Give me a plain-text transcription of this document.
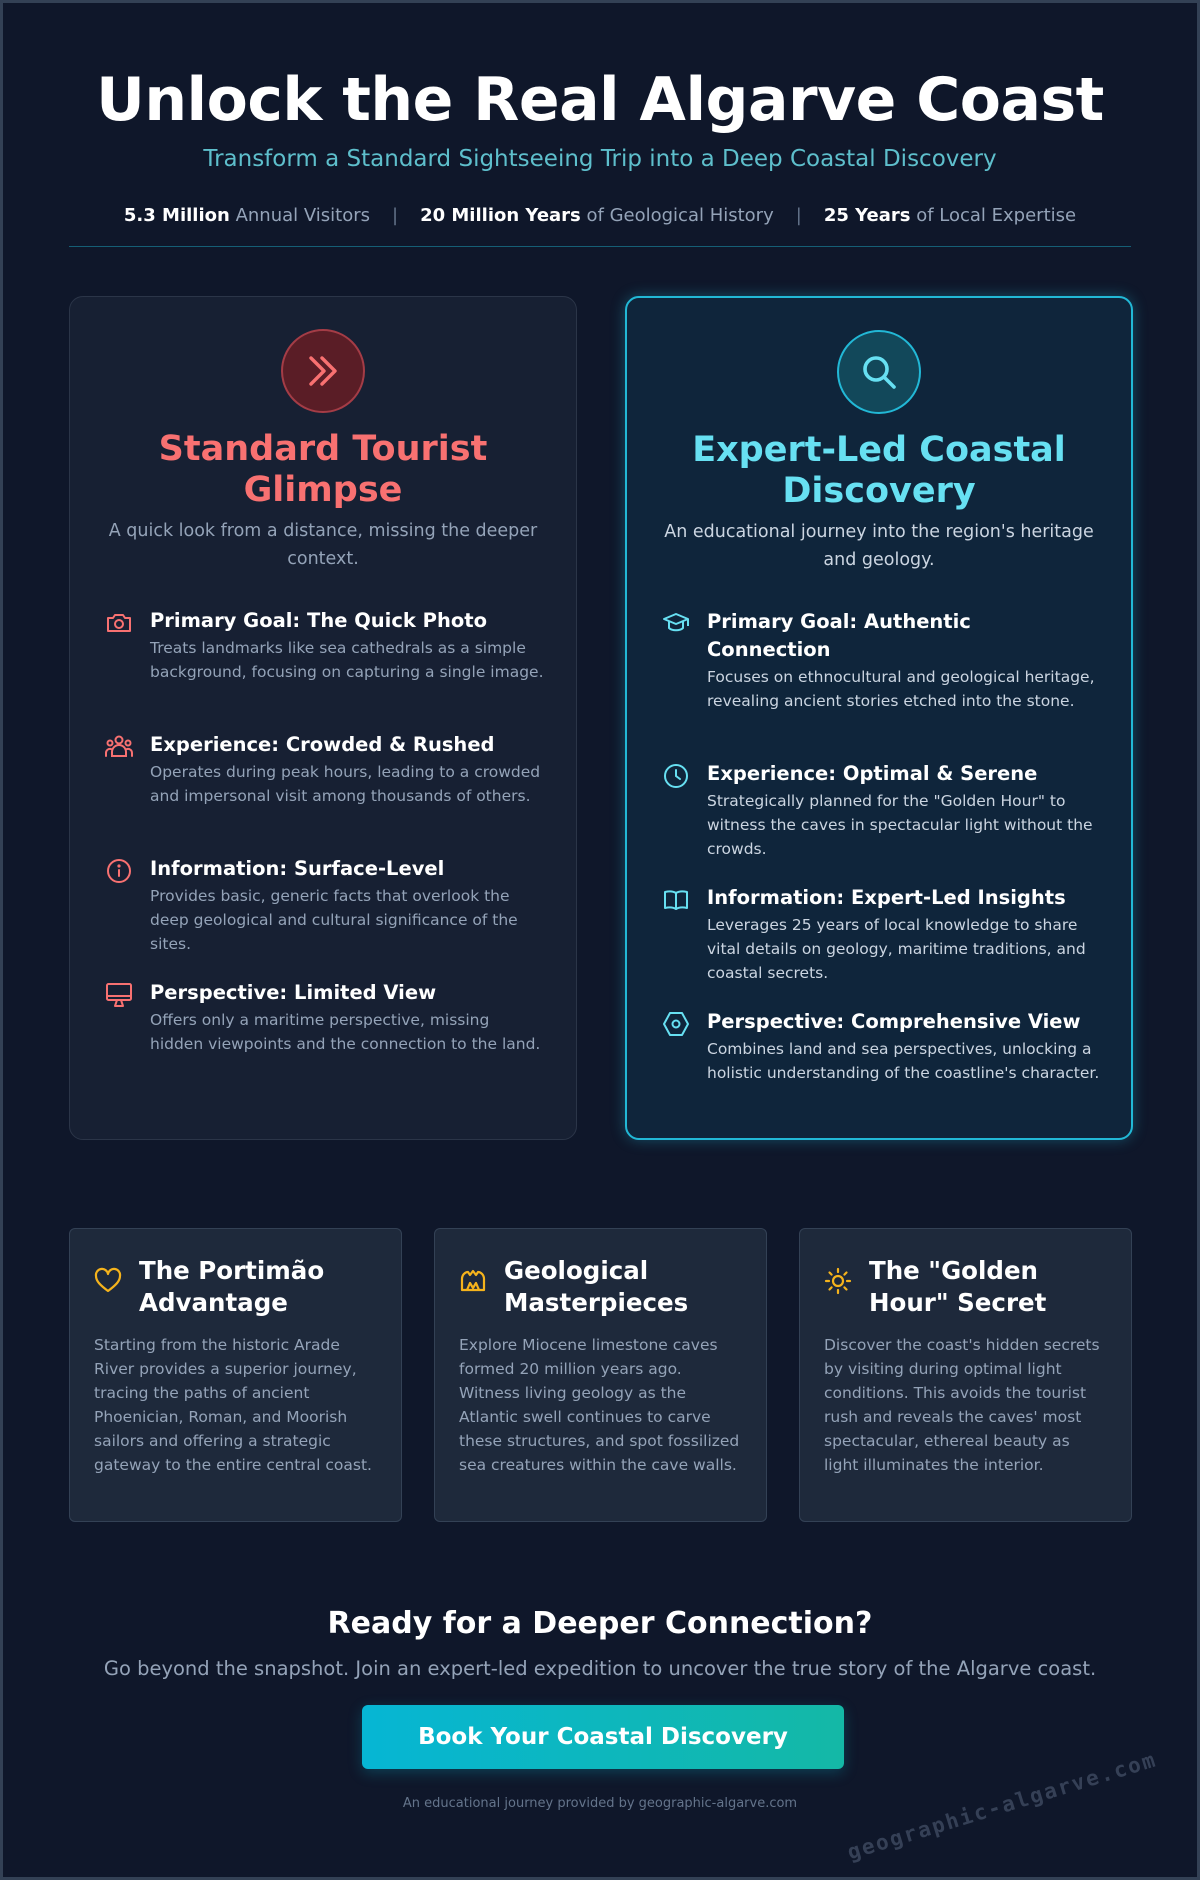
Unlock the Real Algarve Coast
Transform a Standard Sightseeing Trip into a Deep Coastal Discovery
5.3 Million Annual Visitors | 20 Million Years of Geological History | 25 Years of Local Expertise
Standard Tourist Glimpse
A quick look from a distance, missing the deeper context.
Primary Goal: The Quick Photo

Treats landmarks like sea cathedrals as a simple background, focusing on capturing a single image.

Experience: Crowded & Rushed

Operates during peak hours, leading to a crowded and impersonal visit among thousands of others.

Information: Surface-Level

Provides basic, generic facts that overlook the deep geological and cultural significance of the sites.

Perspective: Limited View

Offers only a maritime perspective, missing hidden viewpoints and the connection to the land.

Expert-Led Coastal Discovery
An educational journey into the region's heritage and geology.
Primary Goal: Authentic Connection

Focuses on ethnocultural and geological heritage, revealing ancient stories etched into the stone.

Experience: Optimal & Serene

Strategically planned for the "Golden Hour" to witness the caves in spectacular light without the crowds.

Information: Expert-Led Insights

Leverages 25 years of local knowledge to share vital details on geology, maritime traditions, and coastal secrets.

Perspective: Comprehensive View

Combines land and sea perspectives, unlocking a holistic understanding of the coastline's character.

The Portimão Advantage

Starting from the historic Arade River provides a superior journey, tracing the paths of ancient Phoenician, Roman, and Moorish sailors and offering a strategic gateway to the entire central coast.

Geological Masterpieces

Explore Miocene limestone caves formed 20 million years ago. Witness living geology as the Atlantic swell continues to carve these structures, and spot fossilized sea creatures within the cave walls.

The "Golden Hour" Secret

Discover the coast's hidden secrets by visiting during optimal light conditions. This avoids the tourist rush and reveals the caves' most spectacular, ethereal beauty as light illuminates the interior.

Ready for a Deeper Connection?
Go beyond the snapshot. Join an expert-led expedition to uncover the true story of the Algarve coast.
Book Your Coastal Discovery
An educational journey provided by geographic-algarve.com	geographic-algarve.com
